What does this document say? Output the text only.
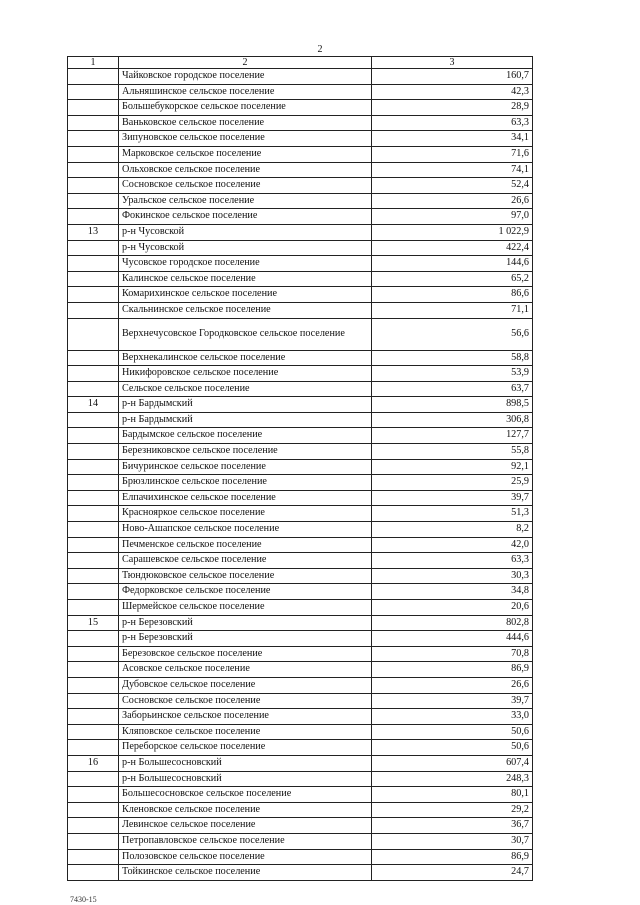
2
1	2	3
	Чайковское городское поселение	160,7
	Альняшинское сельское поселение	42,3
	Большебукорское сельское поселение	28,9
	Ваньковское сельское поселение	63,3
	Зипуновское сельское поселение	34,1
	Марковское сельское поселение	71,6
	Ольховское сельское поселение	74,1
	Сосновское сельское поселение	52,4
	Уральское сельское поселение	26,6
	Фокинское сельское поселение	97,0
13	р-н Чусовской	1 022,9
	р-н Чусовской	422,4
	Чусовское городское поселение	144,6
	Калинское сельское поселение	65,2
	Комарихинское сельское поселение	86,6
	Скальнинское сельское поселение	71,1
	Верхнечусовское Городковское сельское поселение	56,6
	Верхнекалинское сельское поселение	58,8
	Никифоровское сельское поселение	53,9
	Сельское сельское поселение	63,7
14	р-н Бардымский	898,5
	р-н Бардымский	306,8
	Бардымское сельское поселение	127,7
	Березниковское сельское поселение	55,8
	Бичуринское сельское поселение	92,1
	Брюзлинское сельское поселение	25,9
	Елпачихинское сельское поселение	39,7
	Краснояркое сельское поселение	51,3
	Ново-Ашапское сельское поселение	8,2
	Печменское сельское поселение	42,0
	Сарашевское сельское поселение	63,3
	Тюндюковское сельское поселение	30,3
	Федорковское сельское поселение	34,8
	Шермейское сельское поселение	20,6
15	р-н Березовский	802,8
	р-н Березовский	444,6
	Березовское сельское поселение	70,8
	Асовское сельское поселение	86,9
	Дубовское сельское поселение	26,6
	Сосновское сельское поселение	39,7
	Заборьинское сельское поселение	33,0
	Кляповское сельское поселение	50,6
	Переборское сельское поселение	50,6
16	р-н Большесосновский	607,4
	р-н Большесосновский	248,3
	Большесосновское сельское поселение	80,1
	Кленовское сельское поселение	29,2
	Левинское сельское поселение	36,7
	Петропавловское сельское поселение	30,7
	Полозовское сельское поселение	86,9
	Тойкинское сельское поселение	24,7
7430-15
